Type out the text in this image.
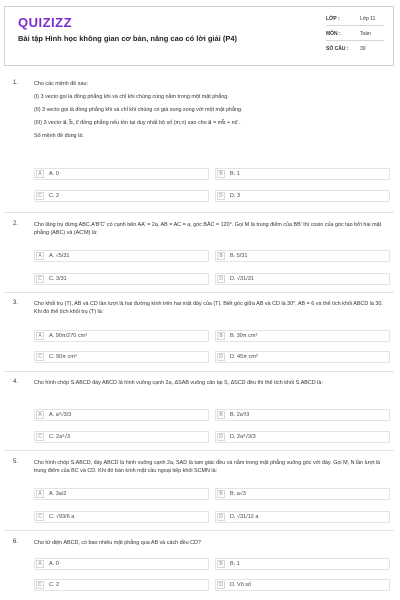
QUIZIZZ
Bài tập Hình học không gian cơ bản, nâng cao có lời giải (P4)
LỚP :	Lớp 11
MÔN :	Toán
SỐ CÂU : 30
1.	Cho các mệnh đề sau:

(I) 3 vecto gọi là đồng phẳng khi và chỉ khi chúng cùng nằm trong một mặt phẳng.

(II) 3 vecto gọi là đồng phẳng khi và chỉ khi chúng có giá song song với một mặt phẳng.

(III) 3 vectơ a⃗, b⃗, c⃗ đồng phẳng nếu tồn tại duy nhất bộ số (m,n) sao cho a⃗ = mb⃗ + nc⃗ .

Số mệnh đề đúng là:

A	A. 0	B	B. 1
C	C. 2	D	D. 3
2.	Cho lăng trụ đứng ABC.A'B'C' có cạnh bên AA' = 2a, AB = AC = a, góc BÂC = 120°. Gọi M là trung điểm của BB' thì cosin của góc tạo bởi hai mặt phẳng (ABC) và (AC'M) là:

A	A. √5/31	B	B. 5/31
C	C. 3/31	D	D. √31/31
3.	Cho khối trụ (T), AB và CD lần lượt là hai đường kính trên hai mặt đáy của (T). Biết góc giữa AB và CD là 30°, AB = 6 và thể tích khối ABCD là 30. Khi đó thể tích khối trụ (T) là:

A	A. 90π/270 cm³	B	B. 30π cm³
C	C. 90π cm³	D	D. 45π cm³
4.	Cho hình chóp S.ABCD đáy ABCD là hình vuông cạnh 2a, ΔSAB vuông cân tại S, ΔSCD đều thì thể tích khối S.ABCD là:

A	A. a³√3/3	B	B. 2a³/3
C	C. 2a³√3	D	D. 2a³√3/3
5.	Cho hình chóp S.ABCD, đáy ABCD là hình vuông cạnh 2a, SAD là tam giác đều và nằm trong mặt phẳng vuông góc với đáy. Gọi M, N lần lượt là trung điểm của BC và CD. Khi đó bán kính mặt cầu ngoại tiếp khối SCMN là:

A	A. 3a/2	B	B. a√3
C	C. √93/6 a	D	D. √31/12 a
6.	Cho tứ diện ABCD, có bao nhiêu mặt phẳng qua AB và cách đều CD?

A	A. 0	B	B. 1
C	C. 2	D	D. Vô số
